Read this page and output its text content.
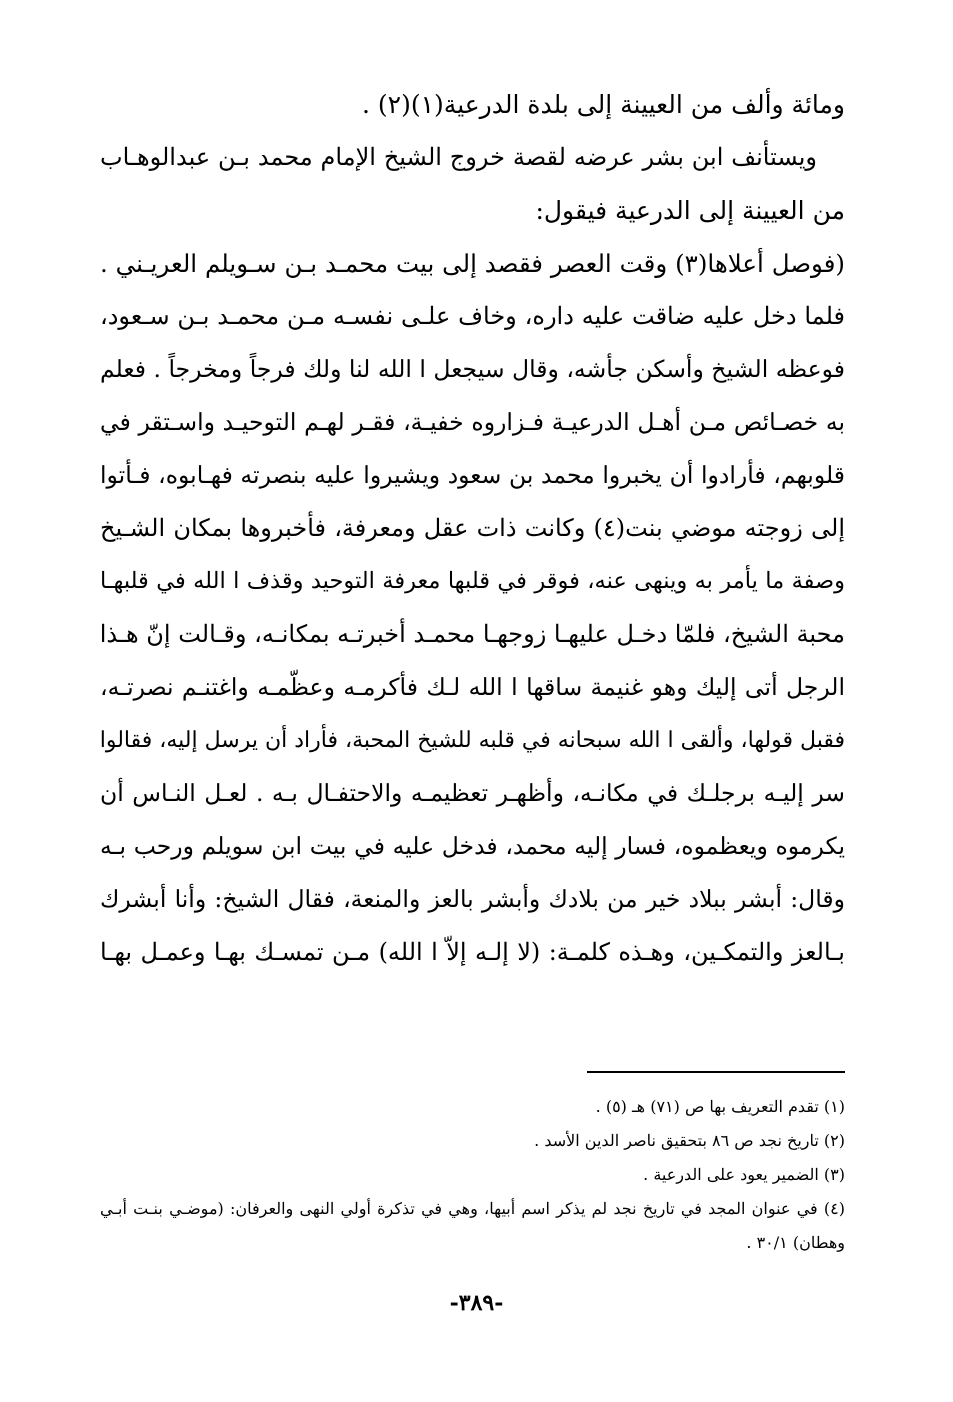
ومائة وألف من العيينة إلى بلدة الدرعية(١)(٢) .
ويستأنف ابن بشر عرضه لقصة خروج الشيخ الإمام محمد بـن عبدالوهـاب
من العيينة إلى الدرعية فيقول:
(فوصل أعلاها(٣) وقت العصر فقصد إلى بيت محمـد بـن سـويلم العريـني .
فلما دخل عليه ضاقت عليه داره، وخاف علـى نفسـه مـن محمـد بـن سـعود،
فوعظه الشيخ وأسكن جأشه، وقال سيجعل ا الله لنا ولك فرجاً ومخرجاً . فعلم
به خصـائص مـن أهـل الدرعيـة فـزاروه خفيـة، فقـر لهـم التوحيـد واسـتقر في
قلوبهم، فأرادوا أن يخبروا محمد بن سعود ويشيروا عليه بنصرته فهـابوه، فـأتوا
إلى زوجته موضي بنت(٤) وكانت ذات عقل ومعرفة، فأخبروها بمكان الشـيخ
وصفة ما يأمر به وينهى عنه، فوقر في قلبها معرفة التوحيد وقذف ا الله في قلبهـا
محبة الشيخ، فلمّا دخـل عليهـا زوجهـا محمـد أخبرتـه بمكانـه، وقـالت إنّ هـذا
الرجل أتى إليك وهو غنيمة ساقها ا الله لـك فأكرمـه وعظّمـه واغتنـم نصرتـه،
فقبل قولها، وألقى ا الله سبحانه في قلبه للشيخ المحبة، فأراد أن يرسل إليه، فقالوا
سر إليـه برجلـك في مكانـه، وأظهـر تعظيمـه والاحتفـال بـه . لعـل النـاس أن
يكرموه ويعظموه، فسار إليه محمد، فدخل عليه في بيت ابن سويلم ورحب بـه
وقال: أبشر ببلاد خير من بلادك وأبشر بالعز والمنعة، فقال الشيخ: وأنا أبشرك
بـالعز والتمكـين، وهـذه كلمـة: (لا إلـه إلاّ ا الله) مـن تمسـك بهـا وعمـل بهـا
(١) تقدم التعريف بها ص (٧١) هـ (٥) .
(٢) تاريخ نجد ص ٨٦ بتحقيق ناصر الدين الأسد .
(٣) الضمير يعود على الدرعية .
(٤) في عنوان المجد في تاريخ نجد لم يذكر اسم أبيها، وهي في تذكرة أولي النهى والعرفان: (موضـي بنـت أبـي
وهطان) ٣٠/١ .
-٣٨٩-
